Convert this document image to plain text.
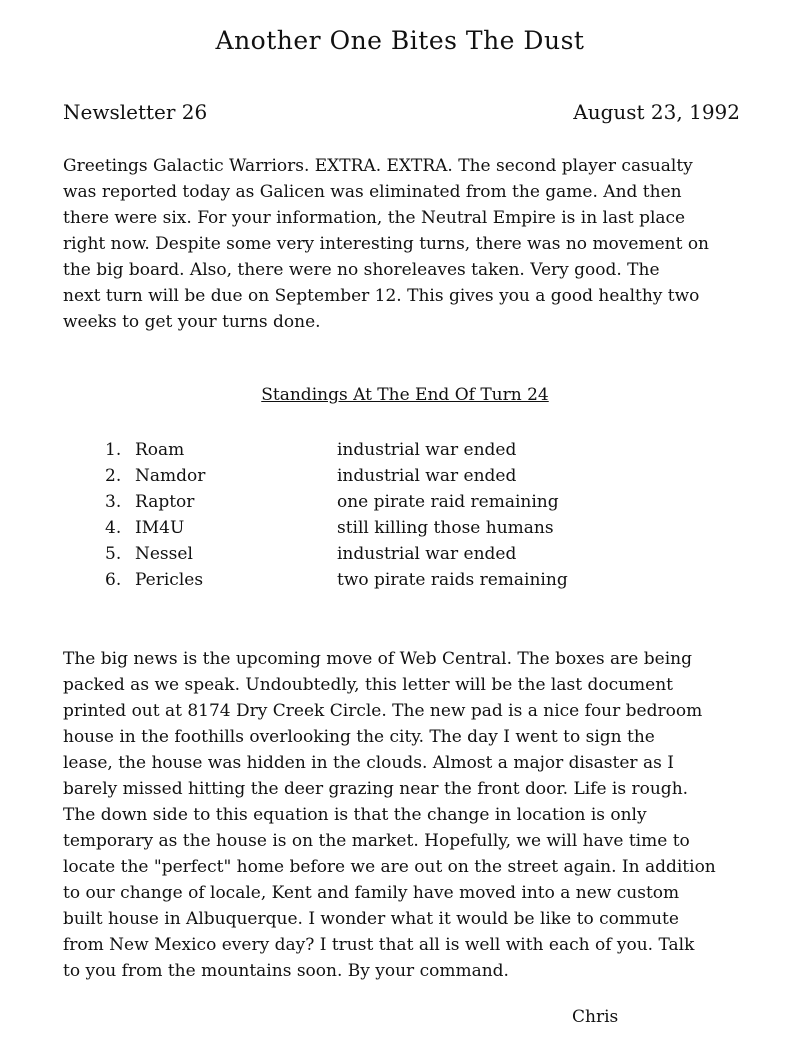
Another One Bites The Dust
Newsletter 26	August 23, 1992

Greetings Galactic Warriors. EXTRA. EXTRA. The second player casualty
was reported today as Galicen was eliminated from the game. And then
there were six. For your information, the Neutral Empire is in last place
right now. Despite some very interesting turns, there was no movement on
the big board. Also, there were no shoreleaves taken. Very good. The
next turn will be due on September 12. This gives you a good healthy two
weeks to get your turns done.

Standings At The End Of Turn 24
1. Roam	industrial war ended
2. Namdor	industrial war ended
3. Raptor	one pirate raid remaining
4. IM4U	still killing those humans
5. Nessel	industrial war ended
6. Pericles	two pirate raids remaining

The big news is the upcoming move of Web Central. The boxes are being
packed as we speak. Undoubtedly, this letter will be the last document
printed out at 8174 Dry Creek Circle. The new pad is a nice four bedroom
house in the foothills overlooking the city. The day I went to sign the
lease, the house was hidden in the clouds. Almost a major disaster as I
barely missed hitting the deer grazing near the front door. Life is rough.
The down side to this equation is that the change in location is only
temporary as the house is on the market. Hopefully, we will have time to
locate the "perfect" home before we are out on the street again. In addition
to our change of locale, Kent and family have moved into a new custom
built house in Albuquerque. I wonder what it would be like to commute
from New Mexico every day? I trust that all is well with each of you. Talk
to you from the mountains soon. By your command.

Chris
